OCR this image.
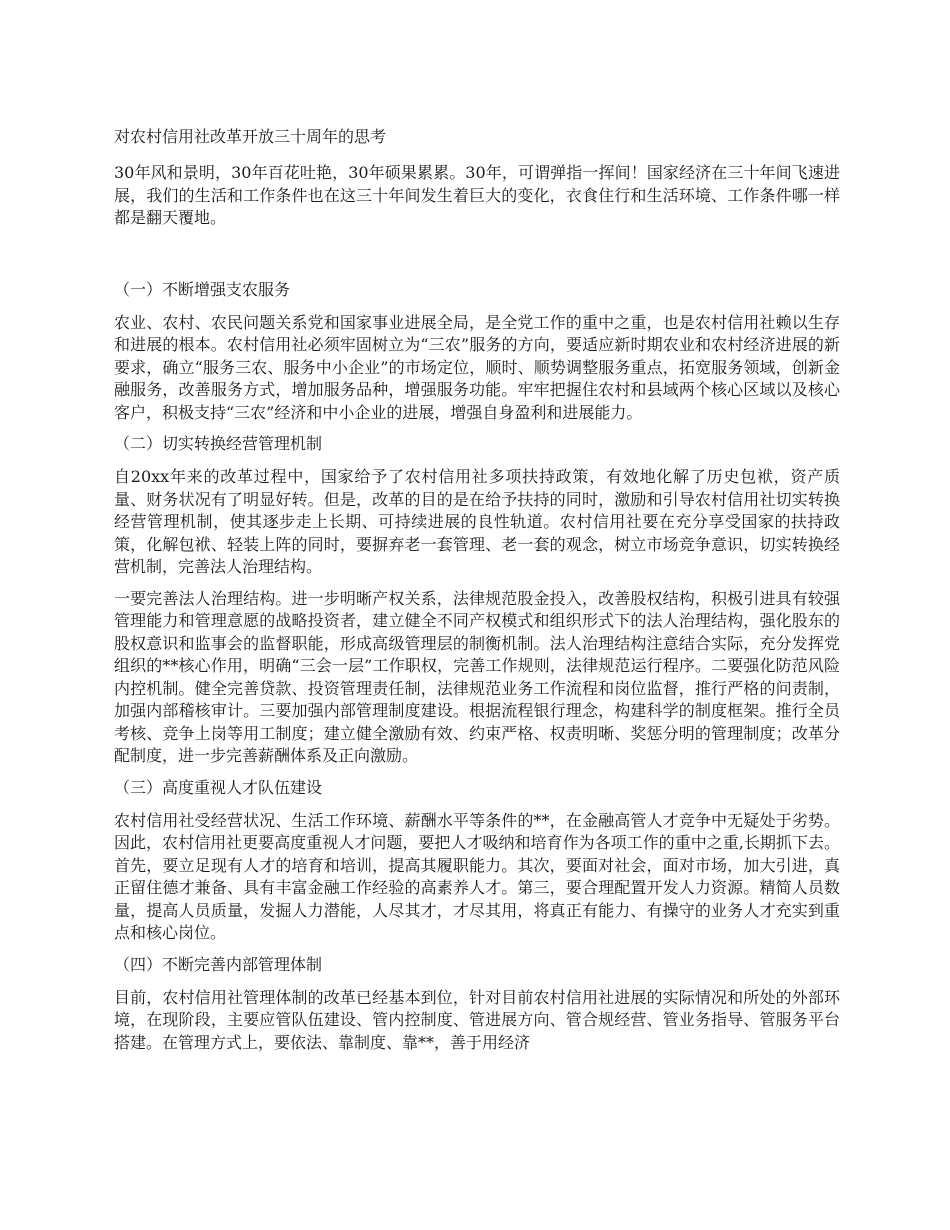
对农村信用社改革开放三十周年的思考
30年风和景明，30年百花吐艳，30年硕果累累。30年，可谓弹指一挥间！国家经济在三十年间飞速进展，我们的生活和工作条件也在这三十年间发生着巨大的变化，衣食住行和生活环境、工作条件哪一样都是翻天覆地。
（一）不断增强支农服务
农业、农村、农民问题关系党和国家事业进展全局，是全党工作的重中之重，也是农村信用社赖以生存和进展的根本。农村信用社必须牢固树立为“三农”服务的方向，要适应新时期农业和农村经济进展的新要求，确立“服务三农、服务中小企业”的市场定位，顺时、顺势调整服务重点，拓宽服务领域，创新金融服务，改善服务方式，增加服务品种，增强服务功能。牢牢把握住农村和县域两个核心区域以及核心客户，积极支持“三农”经济和中小企业的进展，增强自身盈利和进展能力。
（二）切实转换经营管理机制
自20xx年来的改革过程中，国家给予了农村信用社多项扶持政策，有效地化解了历史包袱，资产质量、财务状况有了明显好转。但是，改革的目的是在给予扶持的同时，激励和引导农村信用社切实转换经营管理机制，使其逐步走上长期、可持续进展的良性轨道。农村信用社要在充分享受国家的扶持政策，化解包袱、轻装上阵的同时，要摒弃老一套管理、老一套的观念，树立市场竞争意识，切实转换经营机制，完善法人治理结构。
一要完善法人治理结构。进一步明晰产权关系，法律规范股金投入，改善股权结构，积极引进具有较强管理能力和管理意愿的战略投资者，建立健全不同产权模式和组织形式下的法人治理结构，强化股东的股权意识和监事会的监督职能，形成高级管理层的制衡机制。法人治理结构注意结合实际，充分发挥党组织的**核心作用，明确“三会一层”工作职权，完善工作规则，法律规范运行程序。二要强化防范风险内控机制。健全完善贷款、投资管理责任制，法律规范业务工作流程和岗位监督，推行严格的问责制，加强内部稽核审计。三要加强内部管理制度建设。根据流程银行理念，构建科学的制度框架。推行全员考核、竞争上岗等用工制度；建立健全激励有效、约束严格、权责明晰、奖惩分明的管理制度；改革分配制度，进一步完善薪酬体系及正向激励。
（三）高度重视人才队伍建设
农村信用社受经营状况、生活工作环境、薪酬水平等条件的**，在金融高管人才竞争中无疑处于劣势。因此，农村信用社更要高度重视人才问题，要把人才吸纳和培育作为各项工作的重中之重,长期抓下去。首先，要立足现有人才的培育和培训，提高其履职能力。其次，要面对社会，面对市场，加大引进，真正留住德才兼备、具有丰富金融工作经验的高素养人才。第三，要合理配置开发人力资源。精简人员数量，提高人员质量，发掘人力潜能，人尽其才，才尽其用，将真正有能力、有操守的业务人才充实到重点和核心岗位。
（四）不断完善内部管理体制
目前，农村信用社管理体制的改革已经基本到位，针对目前农村信用社进展的实际情况和所处的外部环境，在现阶段，主要应管队伍建设、管内控制度、管进展方向、管合规经营、管业务指导、管服务平台搭建。在管理方式上，要依法、靠制度、靠**，善于用经济
